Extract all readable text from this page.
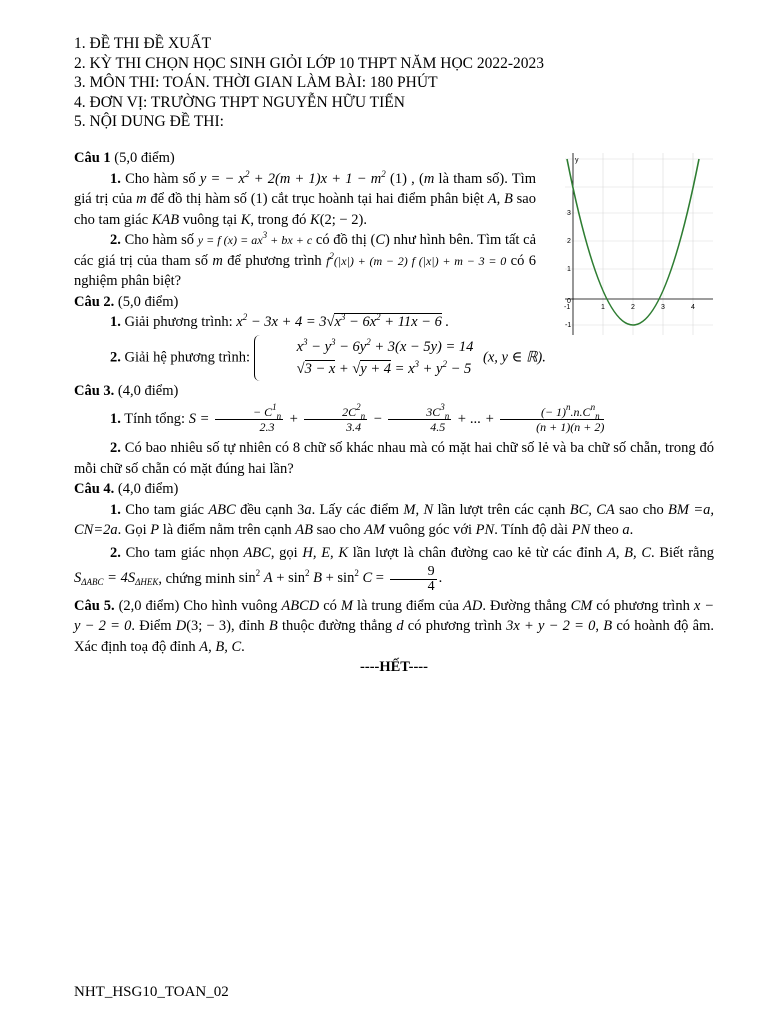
1. ĐỀ THI ĐỀ XUẤT
2. KỲ THI CHỌN HỌC SINH GIỎI LỚP 10 THPT NĂM HỌC 2022-2023
3. MÔN THI: TOÁN. THỜI GIAN LÀM BÀI: 180 PHÚT
4. ĐƠN VỊ: TRƯỜNG THPT NGUYỄN HỮU TIẾN
5. NỘI DUNG ĐỀ THI:
y
-1
0
1	2	3	4
-1
1
2
3

Câu 1 (5,0 điểm)

1. Cho hàm số y = − $x^2 + 2(m + 1)x + 1 - m^2$ (1) , (m là tham số). Tìm giá trị của m để đồ thị hàm số (1) cắt trục hoành tại hai điểm phân biệt A, B sao cho tam giác KAB vuông tại K, trong đó K(2; − 2).

2. Cho hàm số y = f $(x) = ax^3$ + bx + c có đồ thị (C) như hình bên. Tìm tất cả các giá trị của tham số m để phương trình $f^2(|x|) + (m - 2)$ f (|x|) + m − 3 = 0 có 6 nghiệm phân biệt?

Câu 2. (5,0 điểm)

1. Giải phương trình: $x^2 - 3x + 4 = 3√x^3 - 6x^2 + 11x - 6$ .

2. Giải hệ phương trình:
$x^3 - y^3 - 6y^2 + 3(x - 5y) = 14$
$√3 - x + √y + 4 = x^3 + y^2 - 5$
(x, y ∈ ℝ).

Câu 3. (4,0 điểm)

1. Tính tổng: $S = \frac{- C^1_n}{2.3} + \frac{2C^2_n}{3.4} - \frac{3C^3_n}{4.5}$ + ... + $\frac{(- 1)^n.n.C^n_n}{(n + 1)(n + 2)}$

2. Có bao nhiêu số tự nhiên có 8 chữ số khác nhau mà có mặt hai chữ số lẻ và ba chữ số chẵn, trong đó mỗi chữ số chẵn có mặt đúng hai lần?

Câu 4. (4,0 điểm)

1. Cho tam giác ABC đều cạnh 3a. Lấy các điểm M, N lần lượt trên các cạnh BC, CA sao cho BM =a, CN=2a. Gọi P là điểm nằm trên cạnh AB sao cho AM vuông góc với PN. Tính độ dài PN theo a.

2. Cho tam giác nhọn ABC, gọi H, E, K lần lượt là chân đường cao kẻ từ các đỉnh A, B, C. Biết rằng $S_{\Delta ABC} = 4S_{\Delta HEK}$, chứng minh $\sin^2 A + \sin^2 B + \sin^2 C = \frac{9}{4}$ .

Câu 5. (2,0 điểm) Cho hình vuông ABCD có M là trung điểm của AD. Đường thẳng CM có phương trình x − y − 2 = 0. Điểm D(3; − 3), đỉnh B thuộc đường thẳng d có phương trình 3x + y − 2 = 0, B có hoành độ âm. Xác định toạ độ đỉnh A, B, C.

----HẾT----

NHT_HSG10_TOAN_02
